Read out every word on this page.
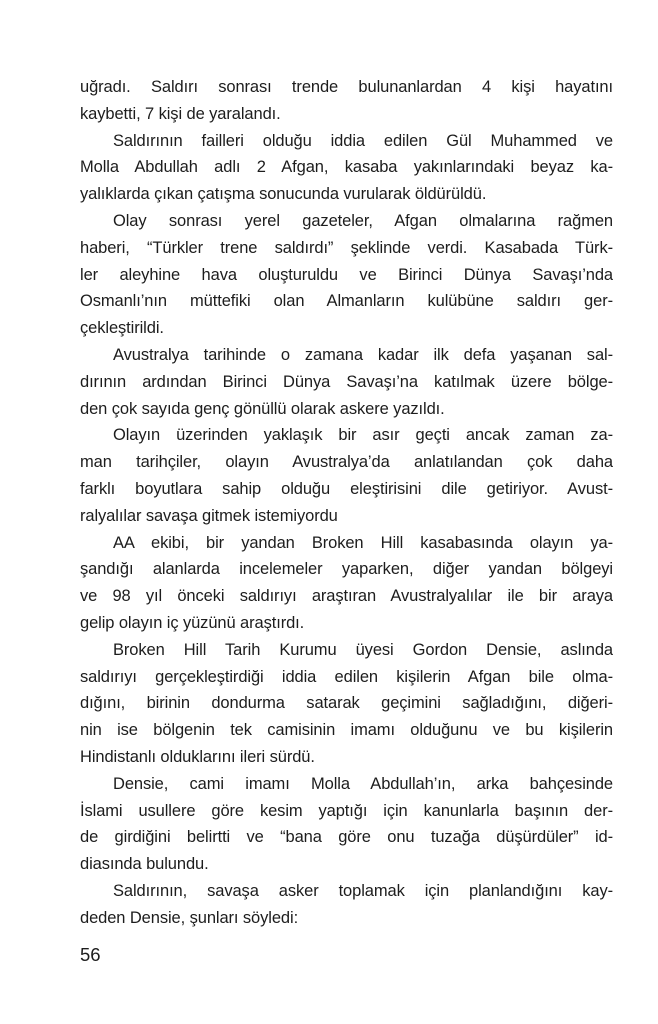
uğradı. Saldırı sonrası trende bulunanlardan 4 kişi hayatını
kaybetti, 7 kişi de yaralandı.
Saldırının failleri olduğu iddia edilen Gül Muhammed ve
Molla Abdullah adlı 2 Afgan, kasaba yakınlarındaki beyaz ka-
yalıklarda çıkan çatışma sonucunda vurularak öldürüldü.
Olay sonrası yerel gazeteler, Afgan olmalarına rağmen
haberi, “Türkler trene saldırdı” şeklinde verdi. Kasabada Türk-
ler aleyhine hava oluşturuldu ve Birinci Dünya Savaşı’nda
Osmanlı’nın müttefiki olan Almanların kulübüne saldırı ger-
çekleştirildi.
Avustralya tarihinde o zamana kadar ilk defa yaşanan sal-
dırının ardından Birinci Dünya Savaşı’na katılmak üzere bölge-
den çok sayıda genç gönüllü olarak askere yazıldı.
Olayın üzerinden yaklaşık bir asır geçti ancak zaman za-
man tarihçiler, olayın Avustralya’da anlatılandan çok daha
farklı boyutlara sahip olduğu eleştirisini dile getiriyor. Avust-
ralyalılar savaşa gitmek istemiyordu
AA ekibi, bir yandan Broken Hill kasabasında olayın ya-
şandığı alanlarda incelemeler yaparken, diğer yandan bölgeyi
ve 98 yıl önceki saldırıyı araştıran Avustralyalılar ile bir araya
gelip olayın iç yüzünü araştırdı.
Broken Hill Tarih Kurumu üyesi Gordon Densie, aslında
saldırıyı gerçekleştirdiği iddia edilen kişilerin Afgan bile olma-
dığını, birinin dondurma satarak geçimini sağladığını, diğeri-
nin ise bölgenin tek camisinin imamı olduğunu ve bu kişilerin
Hindistanlı olduklarını ileri sürdü.
Densie, cami imamı Molla Abdullah’ın, arka bahçesinde
İslami usullere göre kesim yaptığı için kanunlarla başının der-
de girdiğini belirtti ve “bana göre onu tuzağa düşürdüler” id-
diasında bulundu.
Saldırının, savaşa asker toplamak için planlandığını kay-
deden Densie, şunları söyledi:
56
